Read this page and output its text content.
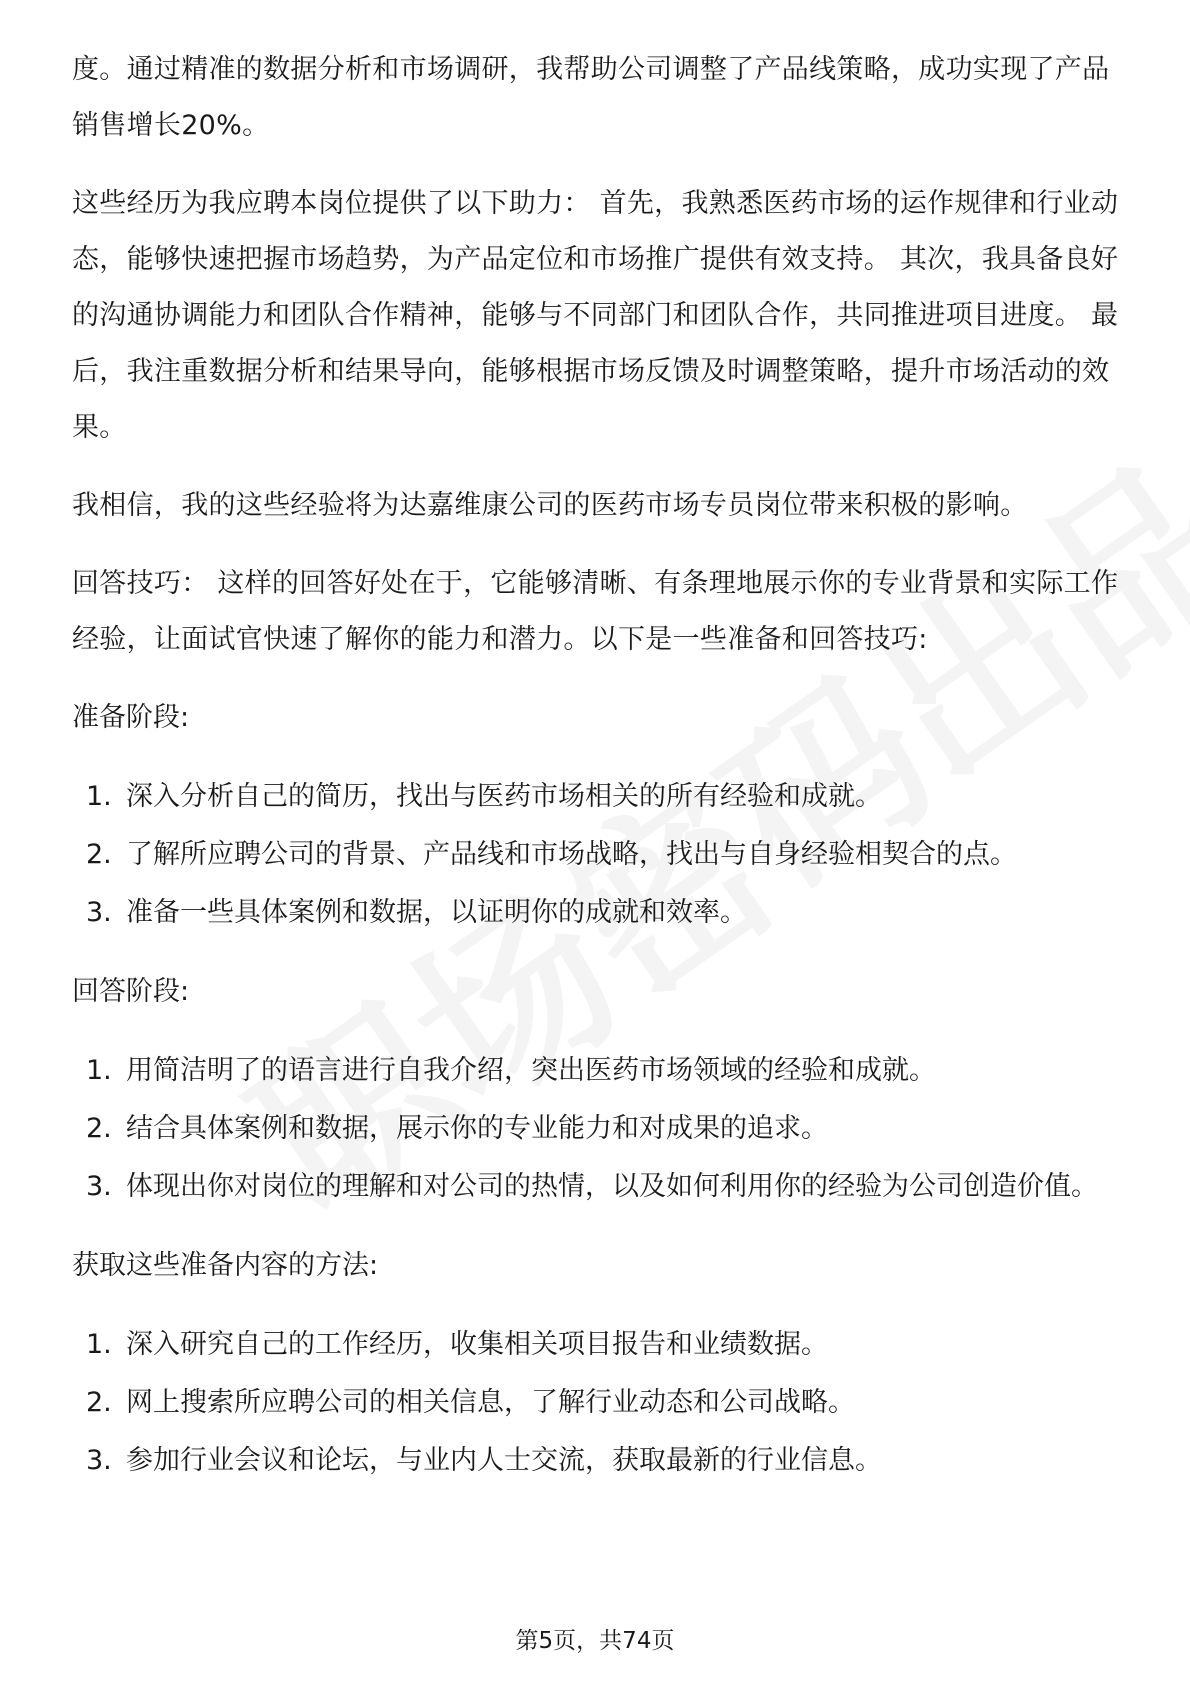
度。通过精准的数据分析和市场调研，我帮助公司调整了产品线策略，成功实现了产品销售增长20%。

这些经历为我应聘本岗位提供了以下助力： 首先，我熟悉医药市场的运作规律和行业动态，能够快速把握市场趋势，为产品定位和市场推广提供有效支持。 其次，我具备良好的沟通协调能力和团队合作精神，能够与不同部门和团队合作，共同推进项目进度。 最后，我注重数据分析和结果导向，能够根据市场反馈及时调整策略，提升市场活动的效果。

我相信，我的这些经验将为达嘉维康公司的医药市场专员岗位带来积极的影响。

回答技巧： 这样的回答好处在于，它能够清晰、有条理地展示你的专业背景和实际工作经验，让面试官快速了解你的能力和潜力。以下是一些准备和回答技巧:

准备阶段:

1. 深入分析自己的简历，找出与医药市场相关的所有经验和成就。
2. 了解所应聘公司的背景、产品线和市场战略，找出与自身经验相契合的点。
3. 准备一些具体案例和数据，以证明你的成就和效率。

回答阶段:

1. 用简洁明了的语言进行自我介绍，突出医药市场领域的经验和成就。
2. 结合具体案例和数据，展示你的专业能力和对成果的追求。
3. 体现出你对岗位的理解和对公司的热情，以及如何利用你的经验为公司创造价值。

获取这些准备内容的方法:

1. 深入研究自己的工作经历，收集相关项目报告和业绩数据。
2. 网上搜索所应聘公司的相关信息，了解行业动态和公司战略。
3. 参加行业会议和论坛，与业内人士交流，获取最新的行业信息。
第5页，共74页
